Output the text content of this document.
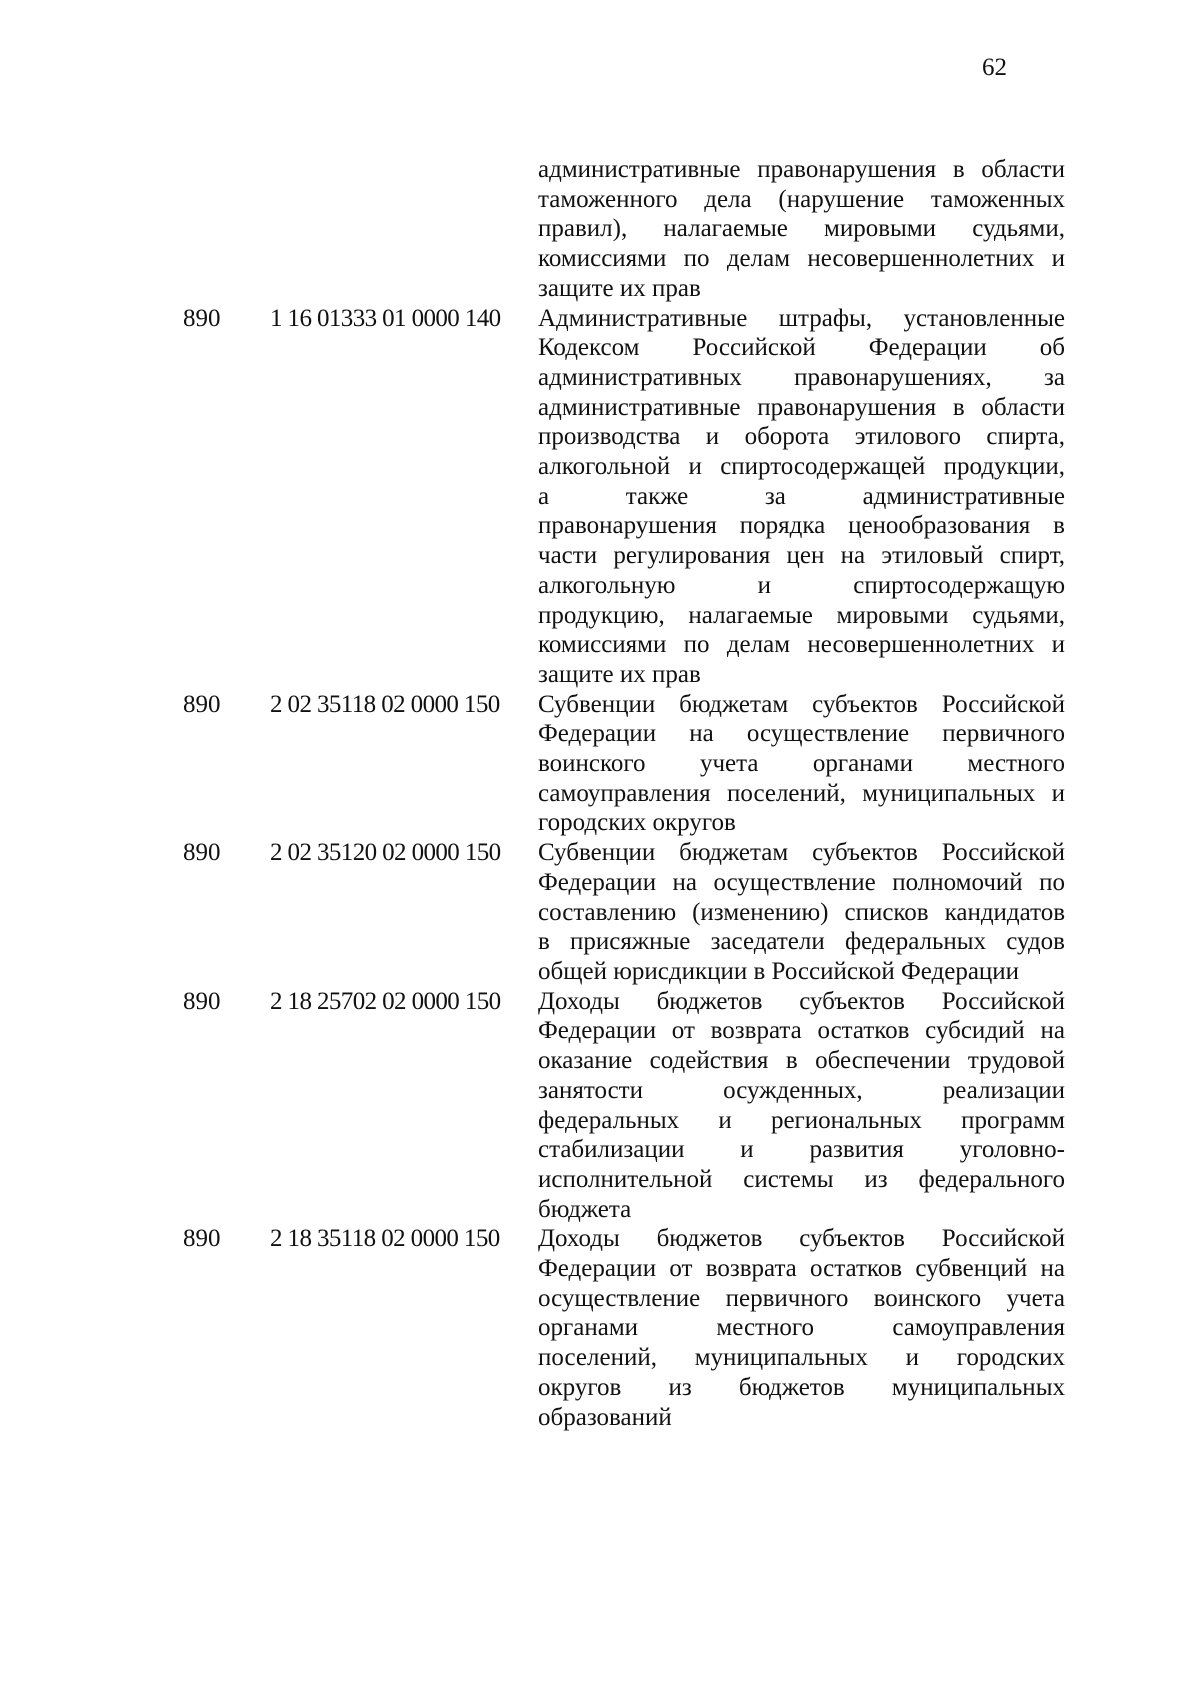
62
административные правонарушения в области
таможенного дела (нарушение таможенных
правил), налагаемые мировыми судьями,
комиссиями по делам несовершеннолетних и
защите их прав
890 1 16 01333 01 0000 140	Административные штрафы, установленные
Кодексом Российской Федерации об
административных правонарушениях, за
административные правонарушения в области
производства и оборота этилового спирта,
алкогольной и спиртосодержащей продукции,
а также за административные
правонарушения порядка ценообразования в
части регулирования цен на этиловый спирт,
алкогольную и спиртосодержащую
продукцию, налагаемые мировыми судьями,
комиссиями по делам несовершеннолетних и
защите их прав
890 2 02 35118 02 0000 150	Субвенции бюджетам субъектов Российской
Федерации на осуществление первичного
воинского учета органами местного
самоуправления поселений, муниципальных и
городских округов
890 2 02 35120 02 0000 150	Субвенции бюджетам субъектов Российской
Федерации на осуществление полномочий по
составлению (изменению) списков кандидатов
в присяжные заседатели федеральных судов
общей юрисдикции в Российской Федерации
890 2 18 25702 02 0000 150	Доходы бюджетов субъектов Российской
Федерации от возврата остатков субсидий на
оказание содействия в обеспечении трудовой
занятости осужденных, реализации
федеральных и региональных программ
стабилизации и развития уголовно-
исполнительной системы из федерального
бюджета
890 2 18 35118 02 0000 150	Доходы бюджетов субъектов Российской
Федерации от возврата остатков субвенций на
осуществление первичного воинского учета
органами местного самоуправления
поселений, муниципальных и городских
округов из бюджетов муниципальных
образований
